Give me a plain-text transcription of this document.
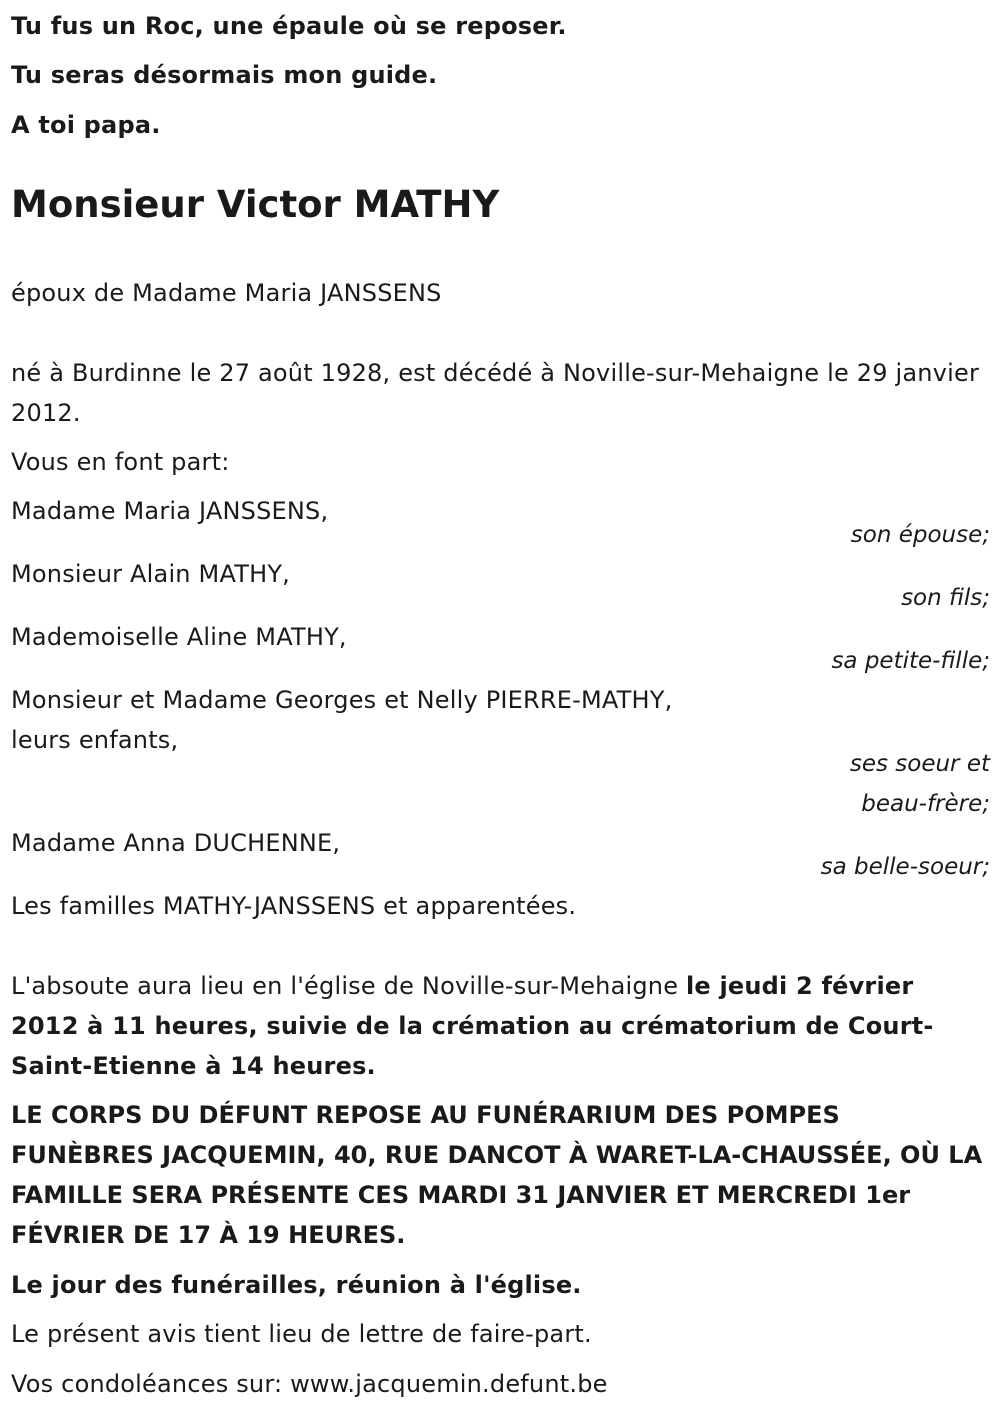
Tu fus un Roc, une épaule où se reposer.
Tu seras désormais mon guide.
A toi papa.
Monsieur Victor MATHY
époux de Madame Maria JANSSENS
né à Burdinne le 27 août 1928, est décédé à Noville-sur-Mehaigne le 29 janvier 2012.
Vous en font part:
Madame Maria JANSSENS,
son épouse;
Monsieur Alain MATHY,
son fils;
Mademoiselle Aline MATHY,
sa petite-fille;
Monsieur et Madame Georges et Nelly PIERRE-MATHY,
leurs enfants,
ses soeur et
beau-frère;
Madame Anna DUCHENNE,
sa belle-soeur;
Les familles MATHY-JANSSENS et apparentées.
L'absoute aura lieu en l'église de Noville-sur-Mehaigne le jeudi 2 février 2012 à 11 heures, suivie de la crémation au crématorium de Court-Saint-Etienne à 14 heures.
LE CORPS DU DÉFUNT REPOSE AU FUNÉRARIUM DES POMPES FUNÈBRES JACQUEMIN, 40, RUE DANCOT À WARET-LA-CHAUSSÉE, OÙ LA FAMILLE SERA PRÉSENTE CES MARDI 31 JANVIER ET MERCREDI 1er FÉVRIER DE 17 À 19 HEURES.
Le jour des funérailles, réunion à l'église.
Le présent avis tient lieu de lettre de faire-part.
Vos condoléances sur: www.jacquemin.defunt.be
